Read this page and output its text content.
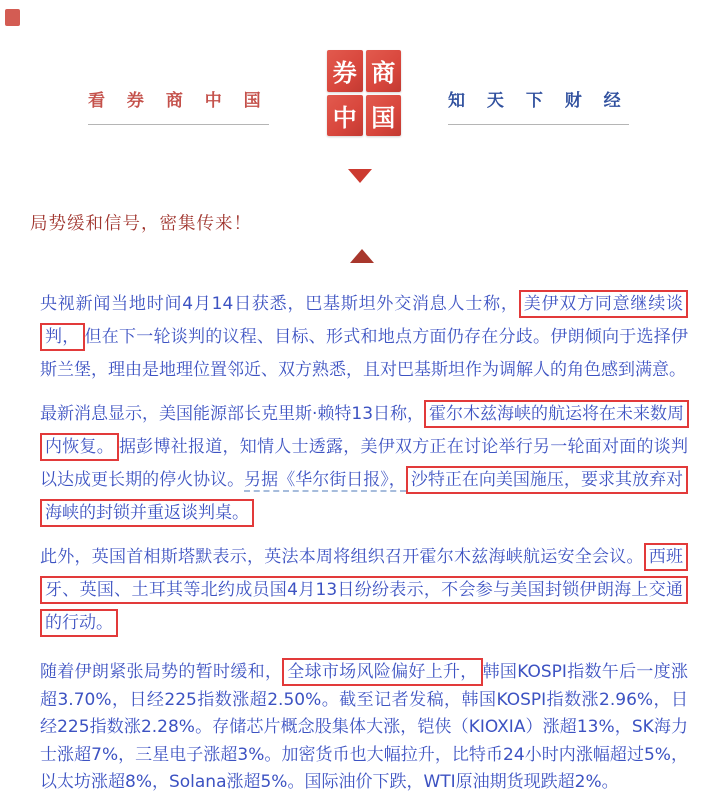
看 券 商 中 国
券 商
中 国
知 天 下 财 经
局势缓和信号，密集传来！

央视新闻当地时间4月14日获悉，巴基斯坦外交消息人士称， 美伊双方同意继续谈判， 但在下一轮谈判的议程、目标、形式和地点方面仍存在分歧。伊朗倾向于选择伊斯兰堡，理由是地理位置邻近、双方熟悉，且对巴基斯坦作为调解人的角色感到满意。

最新消息显示，美国能源部长克里斯·赖特13日称， 霍尔木兹海峡的航运将在未来数周内恢复。 据彭博社报道，知情人士透露，美伊双方正在讨论举行另一轮面对面的谈判以达成更长期的停火协议。另据《华尔街日报》， 沙特正在向美国施压，要求其放弃对海峡的封锁并重返谈判桌。

此外，英国首相斯塔默表示，英法本周将组织召开霍尔木兹海峡航运安全会议。 西班牙、英国、土耳其等北约成员国4月13日纷纷表示，不会参与美国封锁伊朗海上交通的行动。

随着伊朗紧张局势的暂时缓和， 全球市场风险偏好上升， 韩国KOSPI指数午后一度涨超3.70%，日经225指数涨超2.50%。截至记者发稿，韩国KOSPI指数涨2.96%，日经225指数涨2.28%。存储芯片概念股集体大涨，铠侠（KIOXIA）涨超13%，SK海力士涨超7%，三星电子涨超3%。加密货币也大幅拉升，比特币24小时内涨幅超过5%，以太坊涨超8%，Solana涨超5%。国际油价下跌，WTI原油期货现跌超2%。
